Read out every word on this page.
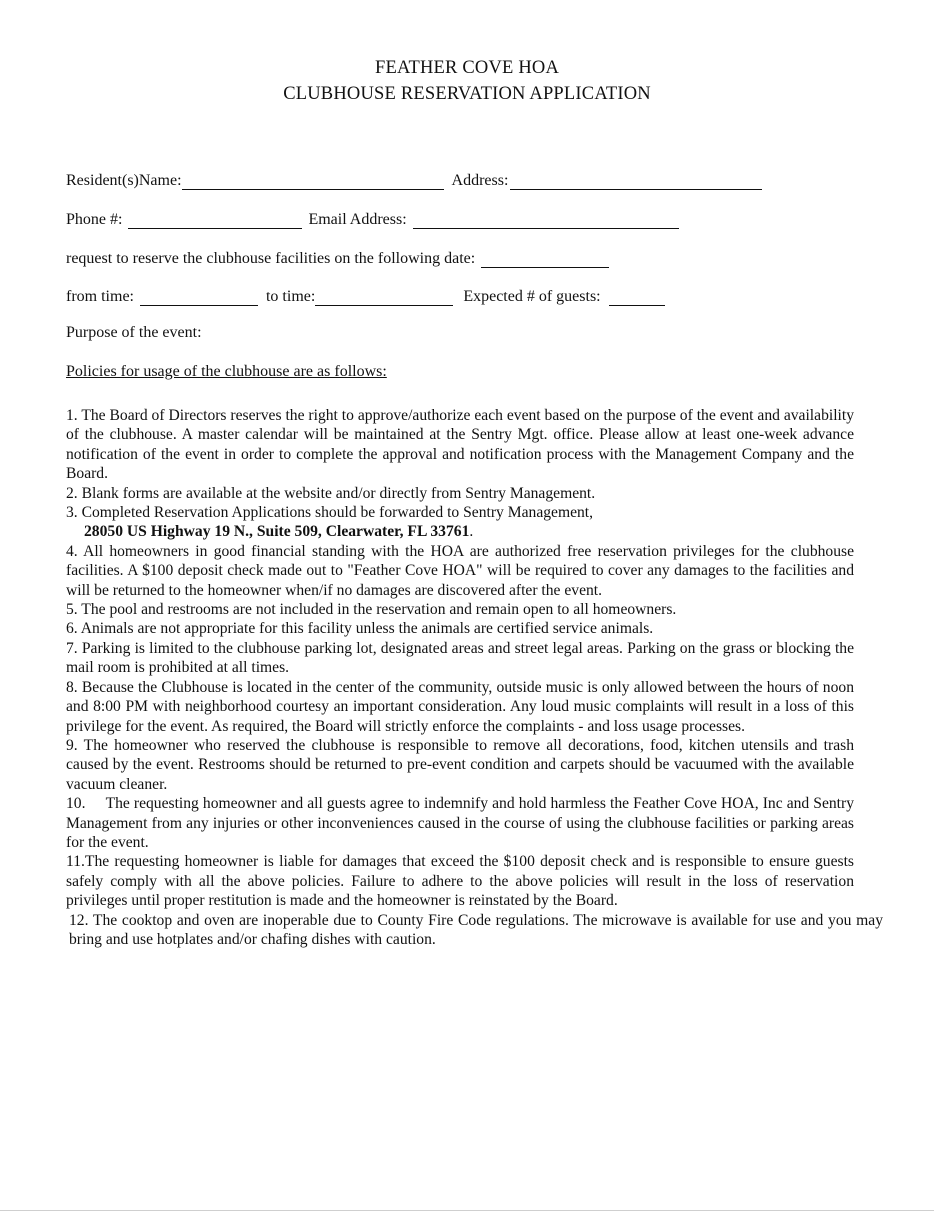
FEATHER COVE HOA
CLUBHOUSE RESERVATION APPLICATION
Resident(s)Name:	Address:
Phone #:	Email Address:
request to reserve the clubhouse facilities on the following date:
from time:	to time:	Expected # of guests:
Purpose of the event:
Policies for usage of the clubhouse are as follows:

1. The Board of Directors reserves the right to approve/authorize each event based on the purpose of the event and availability of the clubhouse. A master calendar will be maintained at the Sentry Mgt. office. Please allow at least one-week advance notification of the event in order to complete the approval and notification process with the Management Company and the Board.

2. Blank forms are available at the website and/or directly from Sentry Management.

3. Completed Reservation Applications should be forwarded to Sentry Management,

28050 US Highway 19 N., Suite 509, Clearwater, FL 33761.

4. All homeowners in good financial standing with the HOA are authorized free reservation privileges for the clubhouse facilities. A $100 deposit check made out to "Feather Cove HOA" will be required to cover any damages to the facilities and will be returned to the homeowner when/if no damages are discovered after the event.

5. The pool and restrooms are not included in the reservation and remain open to all homeowners.

6. Animals are not appropriate for this facility unless the animals are certified service animals.

7. Parking is limited to the clubhouse parking lot, designated areas and street legal areas. Parking on the grass or blocking the mail room is prohibited at all times.

8. Because the Clubhouse is located in the center of the community, outside music is only allowed between the hours of noon and 8:00 PM with neighborhood courtesy an important consideration. Any loud music complaints will result in a loss of this privilege for the event. As required, the Board will strictly enforce the complaints - and loss usage processes.

9. The homeowner who reserved the clubhouse is responsible to remove all decorations, food, kitchen utensils and trash caused by the event. Restrooms should be returned to pre-event condition and carpets should be vacuumed with the available vacuum cleaner.

10.     The requesting homeowner and all guests agree to indemnify and hold harmless the Feather Cove HOA, Inc and Sentry Management from any injuries or other inconveniences caused in the course of using the clubhouse facilities or parking areas for the event.

11.The requesting homeowner is liable for damages that exceed the $100 deposit check and is responsible to ensure guests safely comply with all the above policies. Failure to adhere to the above policies will result in the loss of reservation privileges until proper restitution is made and the homeowner is reinstated by the Board.

12. The cooktop and oven are inoperable due to County Fire Code regulations. The microwave is available for use and you may bring and use hotplates and/or chafing dishes with caution.
